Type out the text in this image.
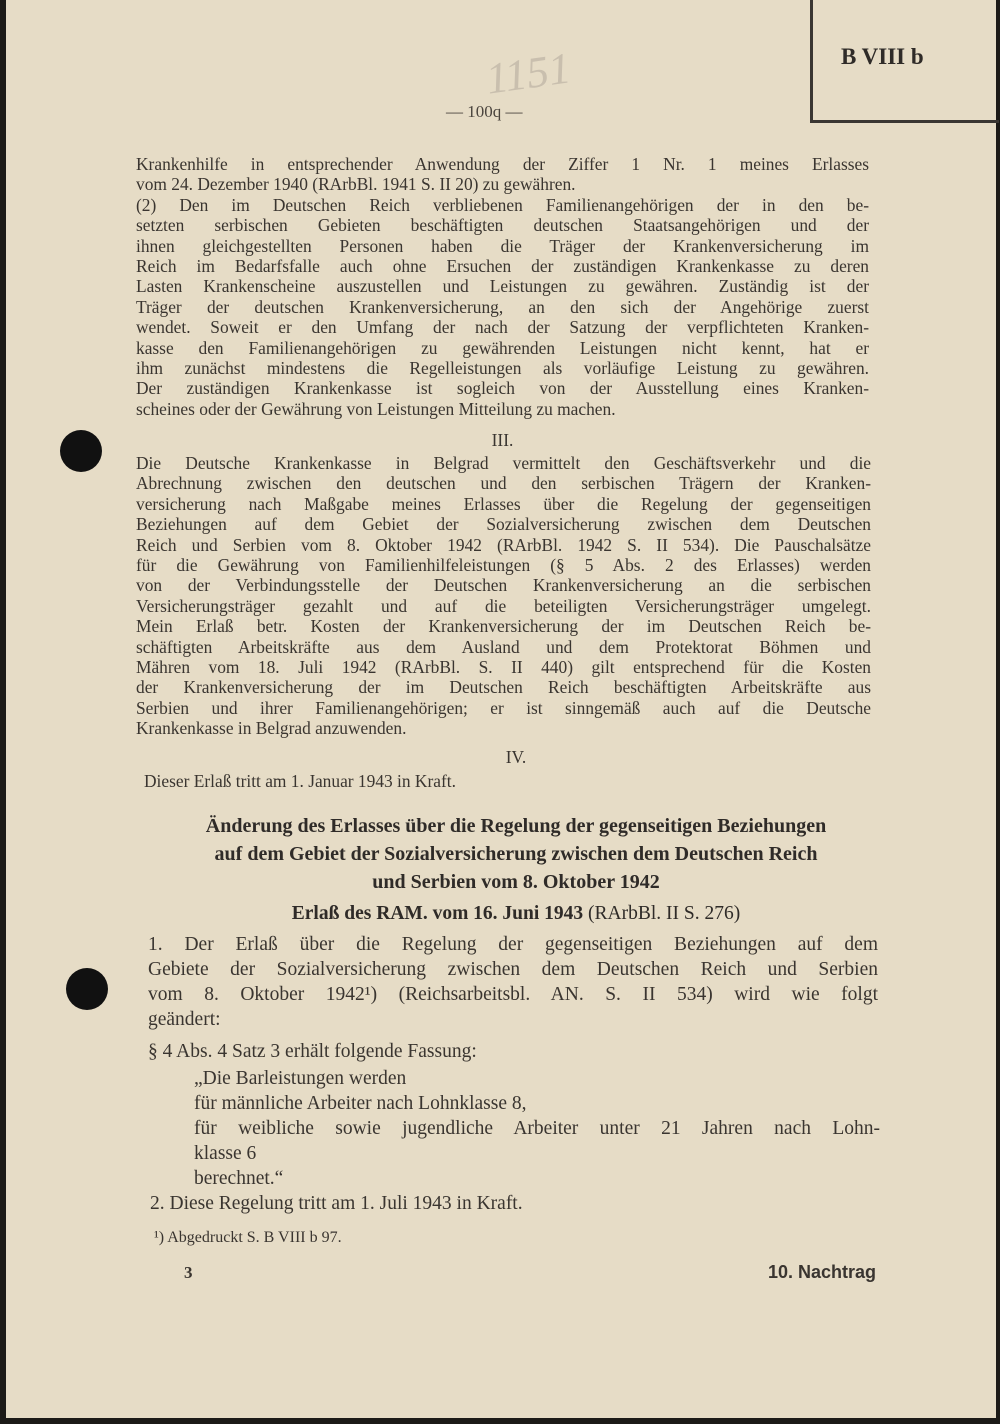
B VIII b
1151
— 100q —
Krankenhilfe in entsprechender Anwendung der Ziffer 1 Nr. 1 meines Erlasses
vom 24. Dezember 1940 (RArbBl. 1941 S. II 20) zu gewähren.
(2) Den im Deutschen Reich verbliebenen Familienangehörigen der in den be-
setzten serbischen Gebieten beschäftigten deutschen Staatsangehörigen und der
ihnen gleichgestellten Personen haben die Träger der Krankenversicherung im
Reich im Bedarfsfalle auch ohne Ersuchen der zuständigen Krankenkasse zu deren
Lasten Krankenscheine auszustellen und Leistungen zu gewähren. Zuständig ist der
Träger der deutschen Krankenversicherung, an den sich der Angehörige zuerst
wendet. Soweit er den Umfang der nach der Satzung der verpflichteten Kranken-
kasse den Familienangehörigen zu gewährenden Leistungen nicht kennt, hat er
ihm zunächst mindestens die Regelleistungen als vorläufige Leistung zu gewähren.
Der zuständigen Krankenkasse ist sogleich von der Ausstellung eines Kranken-
scheines oder der Gewährung von Leistungen Mitteilung zu machen.
III.
Die Deutsche Krankenkasse in Belgrad vermittelt den Geschäftsverkehr und die
Abrechnung zwischen den deutschen und den serbischen Trägern der Kranken-
versicherung nach Maßgabe meines Erlasses über die Regelung der gegenseitigen
Beziehungen auf dem Gebiet der Sozialversicherung zwischen dem Deutschen
Reich und Serbien vom 8. Oktober 1942 (RArbBl. 1942 S. II 534). Die Pauschalsätze
für die Gewährung von Familienhilfeleistungen (§ 5 Abs. 2 des Erlasses) werden
von der Verbindungsstelle der Deutschen Krankenversicherung an die serbischen
Versicherungsträger gezahlt und auf die beteiligten Versicherungsträger umgelegt.
Mein Erlaß betr. Kosten der Krankenversicherung der im Deutschen Reich be-
schäftigten Arbeitskräfte aus dem Ausland und dem Protektorat Böhmen und
Mähren vom 18. Juli 1942 (RArbBl. S. II 440) gilt entsprechend für die Kosten
der Krankenversicherung der im Deutschen Reich beschäftigten Arbeitskräfte aus
Serbien und ihrer Familienangehörigen; er ist sinngemäß auch auf die Deutsche
Krankenkasse in Belgrad anzuwenden.
IV.
Dieser Erlaß tritt am 1. Januar 1943 in Kraft.
Änderung des Erlasses über die Regelung der gegenseitigen Beziehungen
auf dem Gebiet der Sozialversicherung zwischen dem Deutschen Reich
und Serbien vom 8. Oktober 1942
Erlaß des RAM. vom 16. Juni 1943 (RArbBl. II S. 276)
1. Der Erlaß über die Regelung der gegenseitigen Beziehungen auf dem
Gebiete der Sozialversicherung zwischen dem Deutschen Reich und Serbien
vom 8. Oktober 1942¹) (Reichsarbeitsbl. AN. S. II 534) wird wie folgt
geändert:
§ 4 Abs. 4 Satz 3 erhält folgende Fassung:
„Die Barleistungen werden
für männliche Arbeiter nach Lohnklasse 8,
für weibliche sowie jugendliche Arbeiter unter 21 Jahren nach Lohn-
klasse 6
berechnet.“
2. Diese Regelung tritt am 1. Juli 1943 in Kraft.
¹) Abgedruckt S. B VIII b 97.
3	10. Nachtrag
